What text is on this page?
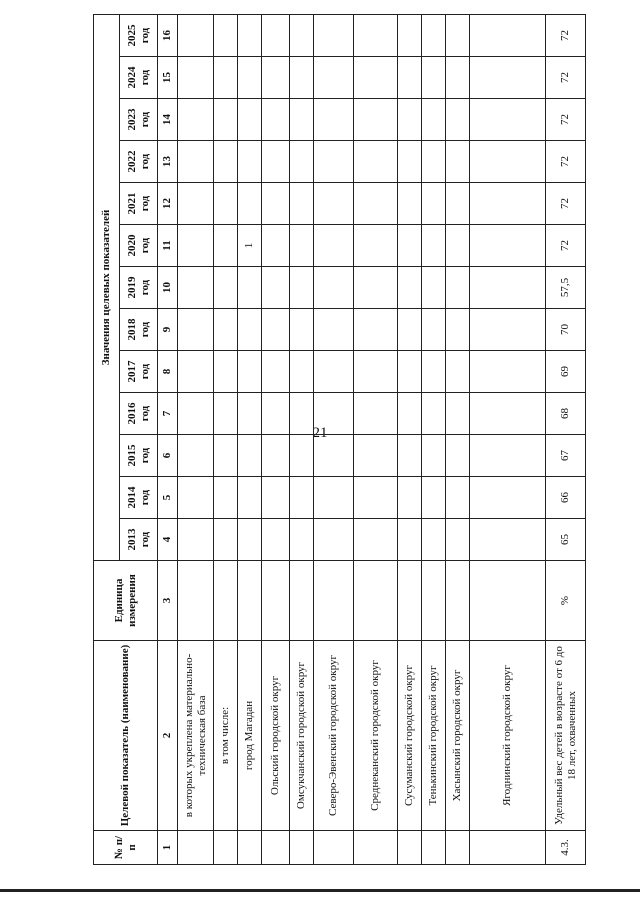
21
№ п/п	Целевой показатель (наименование)	Единица измерения	Значения целевых показателей												
			2013 год	2014 год	2015 год	2016 год	2017 год	2018 год	2019 год	2020 год	2021 год	2022 год	2023 год	2024 год	2025 год
1	2	3	4	5	6	7	8	9	10	11	12	13	14	15	16
	в которых укреплена материально-техническая база														
	в том числе:														
	город Магадан									1					
	Ольский городской округ														
	Омсукчанский городской округ														
	Северо-Эвенский городской округ														
	Среднеканский городской округ														
	Сусуманский городской округ														
	Тенькинский городской округ														
	Хасынский городской округ														
	Ягоднинский городской округ														
4.3.	Удельный вес детей в возрасте от 6 до 18 лет, охваченных	%	65	66	67	68	69	70	57,5	72	72	72	72	72	72
